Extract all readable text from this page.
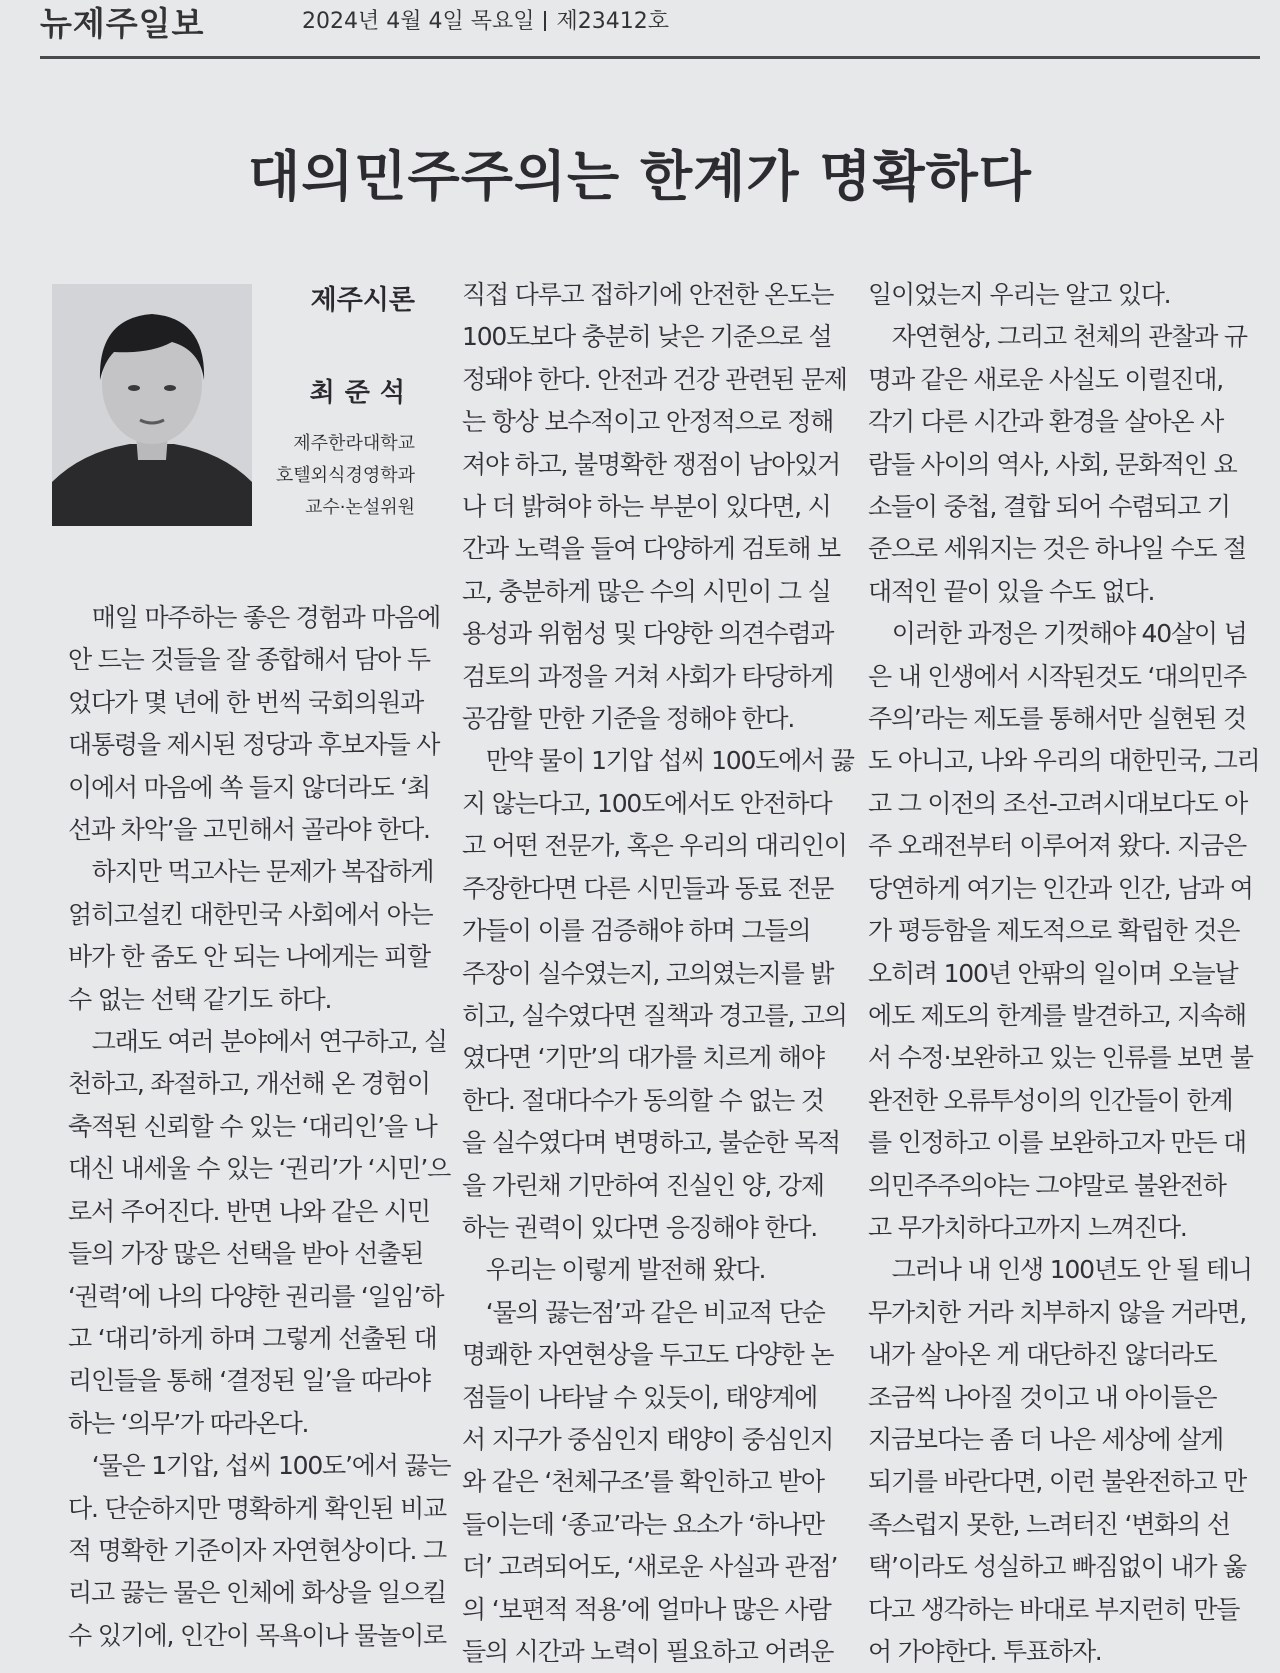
뉴제주일보	2024년 4월 4일 목요일 제23412호
대의민주주의는 한계가 명확하다
제주시론
최준석
제주한라대학교
호텔외식경영학과
교수·논설위원

　매일 마주하는 좋은 경험과 마음에

안 드는 것들을 잘 종합해서 담아 두

었다가 몇 년에 한 번씩 국회의원과

대통령을 제시된 정당과 후보자들 사

이에서 마음에 쏙 들지 않더라도 ‘최

선과 차악’을 고민해서 골라야 한다.

　하지만 먹고사는 문제가 복잡하게

얽히고설킨 대한민국 사회에서 아는

바가 한 줌도 안 되는 나에게는 피할

수 없는 선택 같기도 하다.

　그래도 여러 분야에서 연구하고, 실

천하고, 좌절하고, 개선해 온 경험이

축적된 신뢰할 수 있는 ‘대리인’을 나

대신 내세울 수 있는 ‘권리’가 ‘시민’으

로서 주어진다. 반면 나와 같은 시민

들의 가장 많은 선택을 받아 선출된

‘권력’에 나의 다양한 권리를 ‘일임’하

고 ‘대리’하게 하며 그렇게 선출된 대

리인들을 통해 ‘결정된 일’을 따라야

하는 ‘의무’가 따라온다.

　‘물은 1기압, 섭씨 100도’에서 끓는

다. 단순하지만 명확하게 확인된 비교

적 명확한 기준이자 자연현상이다. 그

리고 끓는 물은 인체에 화상을 일으킬

수 있기에, 인간이 목욕이나 물놀이로

직접 다루고 접하기에 안전한 온도는

100도보다 충분히 낮은 기준으로 설

정돼야 한다. 안전과 건강 관련된 문제

는 항상 보수적이고 안정적으로 정해

져야 하고, 불명확한 쟁점이 남아있거

나 더 밝혀야 하는 부분이 있다면, 시

간과 노력을 들여 다양하게 검토해 보

고, 충분하게 많은 수의 시민이 그 실

용성과 위험성 및 다양한 의견수렴과

검토의 과정을 거쳐 사회가 타당하게

공감할 만한 기준을 정해야 한다.

　만약 물이 1기압 섭씨 100도에서 끓

지 않는다고, 100도에서도 안전하다

고 어떤 전문가, 혹은 우리의 대리인이

주장한다면 다른 시민들과 동료 전문

가들이 이를 검증해야 하며 그들의

주장이 실수였는지, 고의였는지를 밝

히고, 실수였다면 질책과 경고를, 고의

였다면 ‘기만’의 대가를 치르게 해야

한다. 절대다수가 동의할 수 없는 것

을 실수였다며 변명하고, 불순한 목적

을 가린채 기만하여 진실인 양, 강제

하는 권력이 있다면 응징해야 한다.

　우리는 이렇게 발전해 왔다.

　‘물의 끓는점’과 같은 비교적 단순

명쾌한 자연현상을 두고도 다양한 논

점들이 나타날 수 있듯이, 태양계에

서 지구가 중심인지 태양이 중심인지

와 같은 ‘천체구조’를 확인하고 받아

들이는데 ‘종교’라는 요소가 ‘하나만

더’ 고려되어도, ‘새로운 사실과 관점’

의 ‘보편적 적용’에 얼마나 많은 사람

들의 시간과 노력이 필요하고 어려운

일이었는지 우리는 알고 있다.

　자연현상, 그리고 천체의 관찰과 규

명과 같은 새로운 사실도 이럴진대,

각기 다른 시간과 환경을 살아온 사

람들 사이의 역사, 사회, 문화적인 요

소들이 중첩, 결합 되어 수렴되고 기

준으로 세워지는 것은 하나일 수도 절

대적인 끝이 있을 수도 없다.

　이러한 과정은 기껏해야 40살이 넘

은 내 인생에서 시작된것도 ‘대의민주

주의’라는 제도를 통해서만 실현된 것

도 아니고, 나와 우리의 대한민국, 그리

고 그 이전의 조선-고려시대보다도 아

주 오래전부터 이루어져 왔다. 지금은

당연하게 여기는 인간과 인간, 남과 여

가 평등함을 제도적으로 확립한 것은

오히려 100년 안팎의 일이며 오늘날

에도 제도의 한계를 발견하고, 지속해

서 수정·보완하고 있는 인류를 보면 불

완전한 오류투성이의 인간들이 한계

를 인정하고 이를 보완하고자 만든 대

의민주주의야는 그야말로 불완전하

고 무가치하다고까지 느껴진다.

　그러나 내 인생 100년도 안 될 테니

무가치한 거라 치부하지 않을 거라면,

내가 살아온 게 대단하진 않더라도

조금씩 나아질 것이고 내 아이들은

지금보다는 좀 더 나은 세상에 살게

되기를 바란다면, 이런 불완전하고 만

족스럽지 못한, 느려터진 ‘변화의 선

택’이라도 성실하고 빠짐없이 내가 옳

다고 생각하는 바대로 부지런히 만들

어 가야한다. 투표하자.
